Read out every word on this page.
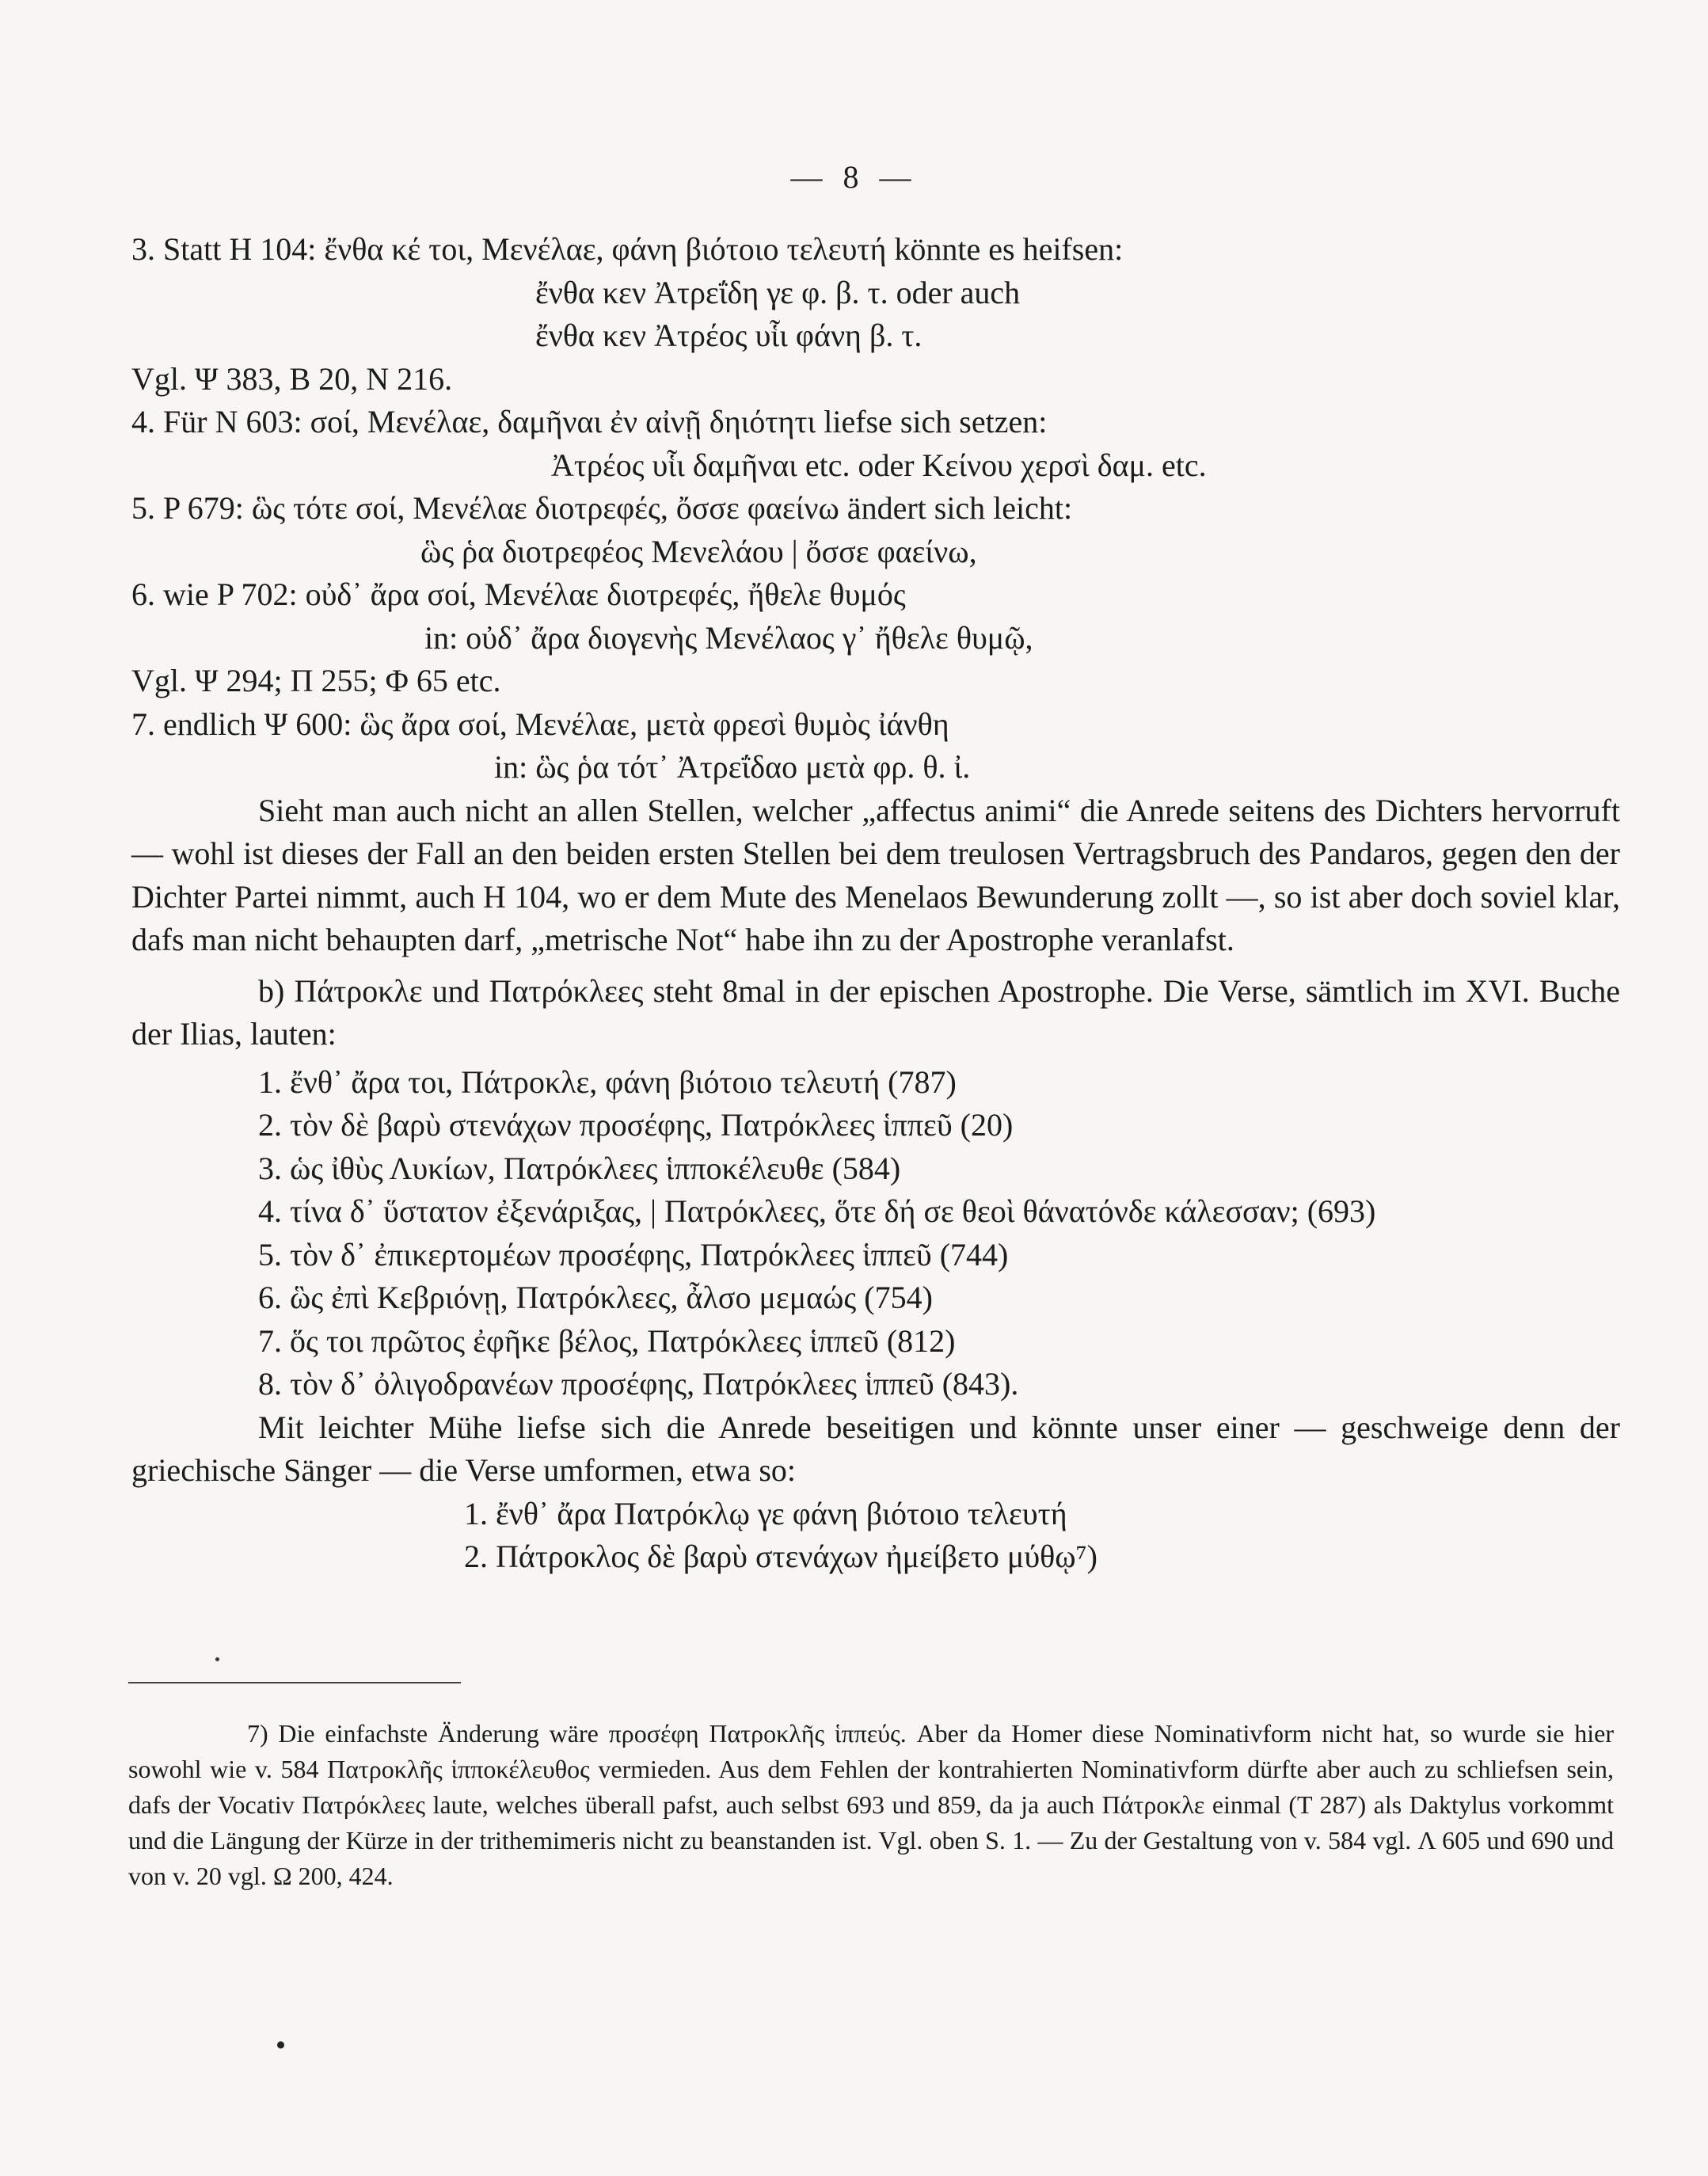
— 8 —
3. Statt H 104: ἔνθα κέ τοι, Μενέλαε, φάνη βιότοιο τελευτή könnte es heifsen:
ἔνθα κεν Ἀτρεΐδη γε φ. β. τ. oder auch
ἔνθα κεν Ἀτρέος υἷι φάνη β. τ.
Vgl. Ψ 383, B 20, N 216.
4. Für N 603: σοί, Μενέλαε, δαμῆναι ἐν αἰνῇ δηιότητι liefse sich setzen:
Ἀτρέος υἷι δαμῆναι etc. oder Κείνου χερσὶ δαμ. etc.
5. P 679: ὣς τότε σοί, Μενέλαε διοτρεφές, ὄσσε φαείνω ändert sich leicht:
ὣς ῥα διοτρεφέος Μενελάου | ὄσσε φαείνω,
6. wie P 702: οὐδ᾽ ἄρα σοί, Μενέλαε διοτρεφές, ἤθελε θυμός
in: οὐδ᾽ ἄρα διογενὴς Μενέλαος γ᾽ ἤθελε θυμῷ,
Vgl. Ψ 294; Π 255; Φ 65 etc.
7. endlich Ψ 600: ὣς ἄρα σοί, Μενέλαε, μετὰ φρεσὶ θυμὸς ἰάνθη
in: ὣς ῥα τότ᾽ Ἀτρεΐδαο μετὰ φρ. θ. ἰ.
Sieht man auch nicht an allen Stellen, welcher „affectus animi“ die Anrede seitens des Dichters hervorruft — wohl ist dieses der Fall an den beiden ersten Stellen bei dem treulosen Vertragsbruch des Pandaros, gegen den der Dichter Partei nimmt, auch H 104, wo er dem Mute des Menelaos Bewunderung zollt —, so ist aber doch soviel klar, dafs man nicht behaupten darf, „metrische Not“ habe ihn zu der Apostrophe veranlafst.
b) Πάτροκλε und Πατρόκλεες steht 8mal in der epischen Apostrophe. Die Verse, sämtlich im XVI. Buche der Ilias, lauten:
1. ἔνθ᾽ ἄρα τοι, Πάτροκλε, φάνη βιότοιο τελευτή (787)
2. τὸν δὲ βαρὺ στενάχων προσέφης, Πατρόκλεες ἱππεῦ (20)
3. ὡς ἰθὺς Λυκίων, Πατρόκλεες ἱπποκέλευθε (584)
4. τίνα δ᾽ ὕστατον ἐξενάριξας, | Πατρόκλεες, ὅτε δή σε θεοὶ θάνατόνδε κάλεσσαν; (693)
5. τὸν δ᾽ ἐπικερτομέων προσέφης, Πατρόκλεες ἱππεῦ (744)
6. ὣς ἐπὶ Κεβριόνῃ, Πατρόκλεες, ἆλσο μεμαώς (754)
7. ὅς τοι πρῶτος ἐφῆκε βέλος, Πατρόκλεες ἱππεῦ (812)
8. τὸν δ᾽ ὀλιγοδρανέων προσέφης, Πατρόκλεες ἱππεῦ (843).
Mit leichter Mühe liefse sich die Anrede beseitigen und könnte unser einer — geschweige denn der griechische Sänger — die Verse umformen, etwa so:
1. ἔνθ᾽ ἄρα Πατρόκλῳ γε φάνη βιότοιο τελευτή
2. Πάτροκλος δὲ βαρὺ στενάχων ἠμείβετο μύθῳ⁷)

7) Die einfachste Änderung wäre προσέφη Πατροκλῆς ἱππεύς. Aber da Homer diese Nominativform nicht hat, so wurde sie hier sowohl wie v. 584 Πατροκλῆς ἱπποκέλευθος vermieden. Aus dem Fehlen der kontrahierten Nominativform dürfte aber auch zu schliefsen sein, dafs der Vocativ Πατρόκλεες laute, welches überall pafst, auch selbst 693 und 859, da ja auch Πάτροκλε einmal (T 287) als Daktylus vorkommt und die Längung der Kürze in der trithemimeris nicht zu beanstanden ist. Vgl. oben S. 1. — Zu der Gestaltung von v. 584 vgl. Λ 605 und 690 und von v. 20 vgl. Ω 200, 424.
